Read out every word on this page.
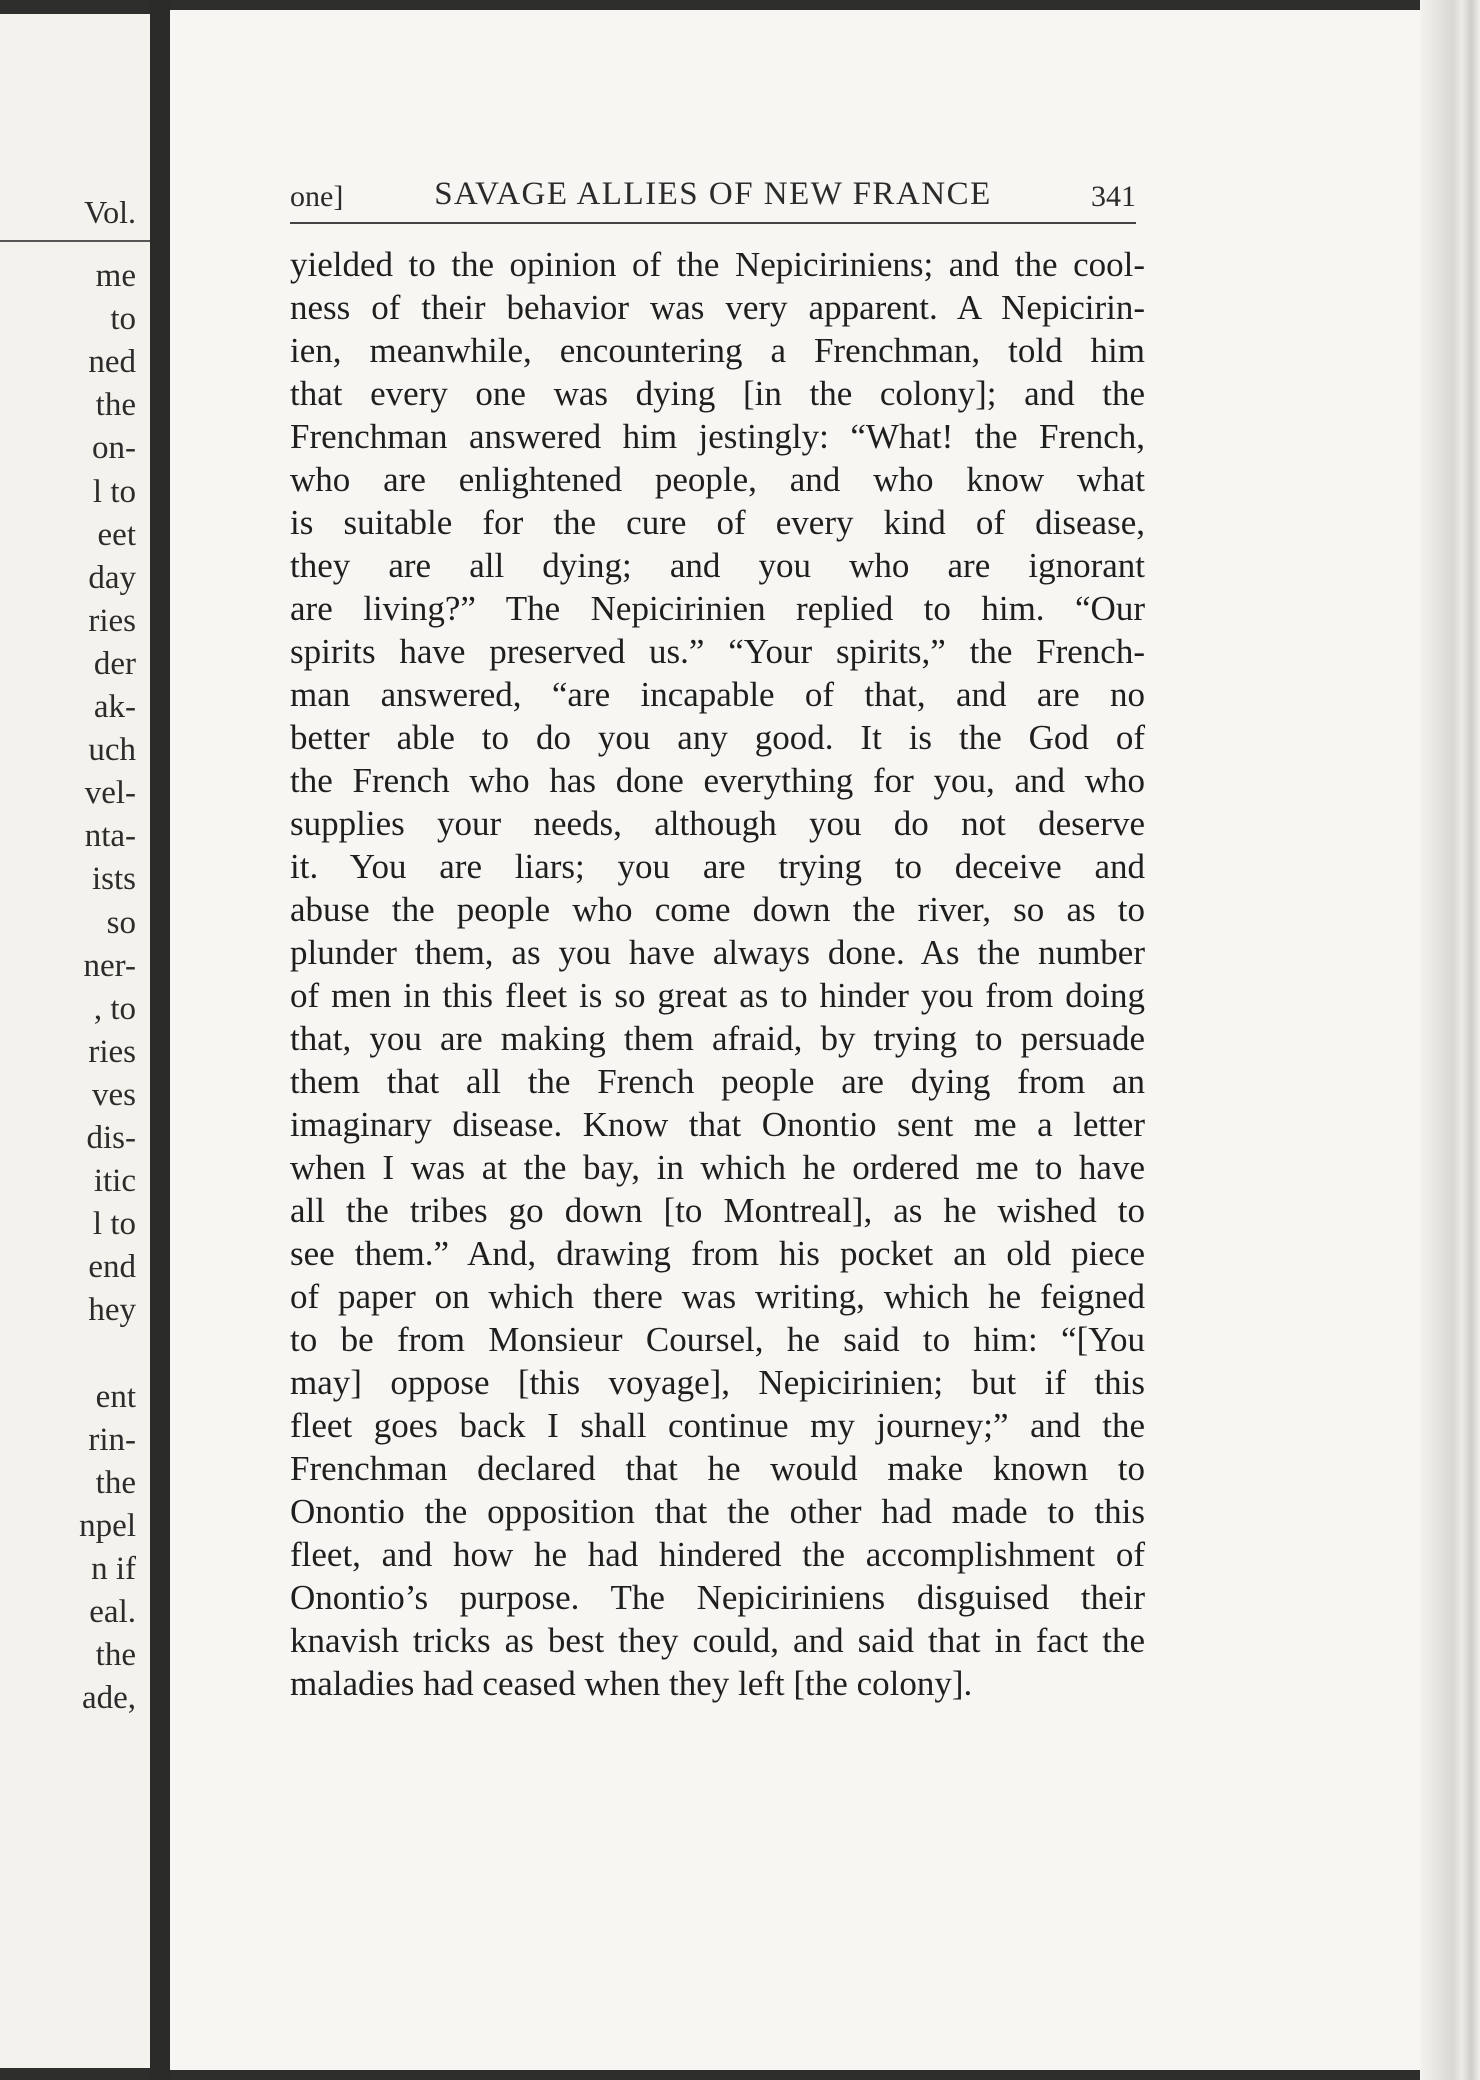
Vol.
me
to
ned
the
on-
l to
eet
day
ries
der
ak-
uch
vel-
nta-
ists
so
ner-
, to
ries
ves
dis-
itic
l to
end
hey
ent
rin-
the
npel
n if
eal.
the
ade,
one]	SAVAGE ALLIES OF NEW FRANCE	341
yielded to the opinion of the Nepiciriniens; and the cool-
ness of their behavior was very apparent. A Nepicirin-
ien, meanwhile, encountering a Frenchman, told him
that every one was dying [in the colony]; and the
Frenchman answered him jestingly: “What! the French,
who are enlightened people, and who know what
is suitable for the cure of every kind of disease,
they are all dying; and you who are ignorant
are living?” The Nepicirinien replied to him. “Our
spirits have preserved us.” “Your spirits,” the French-
man answered, “are incapable of that, and are no
better able to do you any good. It is the God of
the French who has done everything for you, and who
supplies your needs, although you do not deserve
it. You are liars; you are trying to deceive and
abuse the people who come down the river, so as to
plunder them, as you have always done. As the number
of men in this fleet is so great as to hinder you from doing
that, you are making them afraid, by trying to persuade
them that all the French people are dying from an
imaginary disease. Know that Onontio sent me a letter
when I was at the bay, in which he ordered me to have
all the tribes go down [to Montreal], as he wished to
see them.” And, drawing from his pocket an old piece
of paper on which there was writing, which he feigned
to be from Monsieur Coursel, he said to him: “[You
may] oppose [this voyage], Nepicirinien; but if this
fleet goes back I shall continue my journey;” and the
Frenchman declared that he would make known to
Onontio the opposition that the other had made to this
fleet, and how he had hindered the accomplishment of
Onontio’s purpose. The Nepiciriniens disguised their
knavish tricks as best they could, and said that in fact the
maladies had ceased when they left [the colony].
